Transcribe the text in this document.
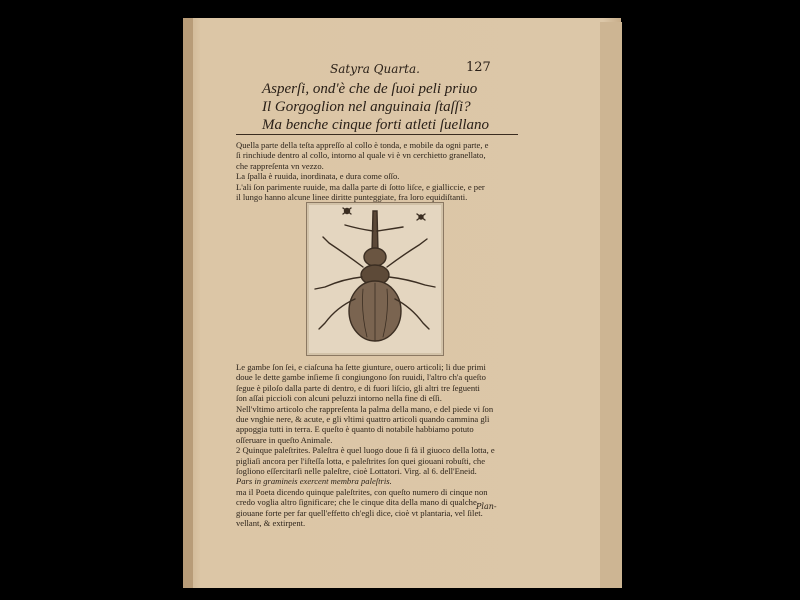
Satyra Quarta.	127
Asperſi, ond'è che de ſuoi peli priuo
Il Gorgoglion nel anguinaia ſtaſſi?
Ma benche cinque forti atleti ſuellano

Quella parte della teſta appreſſo al collo è tonda, e mobile da ogni parte, e

ſi rinchiude dentro al collo, intorno al quale vi è vn cerchietto granellato,

che rappreſenta vn vezzo.

La ſpalla è ruuida, inordinata, e dura come oſſo.

L'ali ſon parimente ruuide, ma dalla parte di ſotto liſce, e gialliccie, e per

il lungo hanno alcune linee diritte punteggiate, fra loro equidiſtanti.

Le gambe ſon ſei, e ciaſcuna ha ſette giunture, ouero articoli; li due primi

doue le dette gambe inſieme ſi congiungono ſon ruuidi, l'altro ch'a queſto

ſegue è piloſo dalla parte di dentro, e di fuori liſcio, gli altri tre ſeguenti

ſon aſſai piccioli con alcuni peluzzi intorno nella fine di eſſi.

Nell'vltimo articolo che rappreſenta la palma della mano, e del piede vi ſon

due vnghie nere, & acute, e gli vltimi quattro articoli quando cammina gli

appoggia tutti in terra. E queſto è quanto di notabile habbiamo potuto

oſſeruare in queſto Animale.

2 Quinque paleſtrites. Paleſtra è quel luogo doue ſi fà il giuoco della lotta, e

pigliaſi ancora per l'iſteſſa lotta, e paleſtrites ſon quei giouani robuſti, che

ſogliono eſſercitarſi nelle paleſtre, cioè Lottatori. Virg. al 6. dell'Eneid.

Pars in gramineis exercent membra paleſtris.

ma il Poeta dicendo quinque paleſtrites, con queſto numero di cinque non

credo voglia altro ſignificare; che le cinque dita della mano di qualche

giouane forte per far quell'effetto ch'egli dice, cioè vt plantaria, vel ſilet.

vellant, & extirpent.

Plan-
